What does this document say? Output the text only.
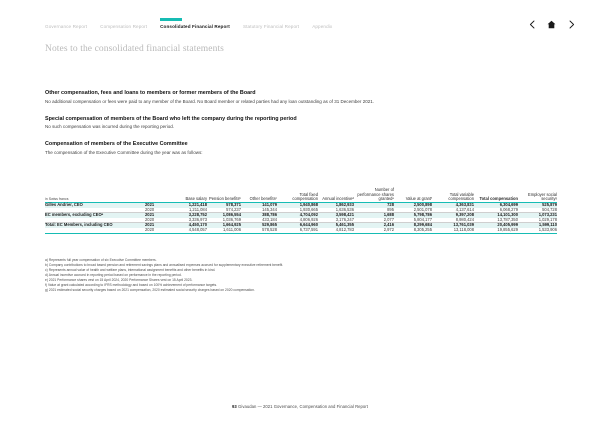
Governance Report	Compensation Report	Consolidated Financial Report	Statutory Financial Report	Appendix
Notes to the consolidated financial statements

Other compensation, fees and loans to members or former members of the Board

No additional compensation or fees were paid to any member of the Board. No Board member or related parties had any loan outstanding as of 31 December 2021.

Special compensation of members of the Board who left the company during the reporting period

No such compensation was incurred during the reporting period.

Compensation of members of the Executive Committee

The compensation of the Executive Committee during the year was as follows:

in Swiss francs		Base salary	Pension benefitsᵇ	Other benefitsᶜ	Total fixed compensation	Annual incentiveᵈ	Number of performance shares grantedᵉ	Value at grantᶠ	Total variable compensation	Total compensation	Employer social securityᵍ
Gilles Andrier, CEO	2021	1,221,418	578,371	141,079	1,940,868	1,862,933	728	2,500,898	4,363,831	6,304,699	525,879
	2020	1,211,084	574,237	145,344	1,930,665	1,636,536	895	2,501,078	4,137,614	6,068,279	504,728
EC members, excluding CEOᵃ	2021	3,228,752	1,086,554	388,786	4,704,092	3,598,421	1,688	5,798,786	9,397,208	14,101,300	1,073,231
	2020	3,336,973	1,036,769	433,184	4,806,926	3,176,247	2,077	5,804,177	8,980,424	13,787,350	1,029,178
Total: EC Members, including CEO	2021	4,450,170	1,664,925	529,865	6,644,960	5,461,355	2,416	8,299,684	13,761,039	20,405,999	1,599,110
	2020	4,548,057	1,611,006	578,528	6,737,591	4,812,783	2,972	8,305,255	13,118,008	19,855,629	1,533,906

a) Represents full year compensation of six Executive Committee members.

b) Company contributions to broad based pension and retirement savings plans and annualised expenses accrued for supplementary executive retirement benefit.

c) Represents annual value of health and welfare plans, international assignment benefits and other benefits in kind.

d) Annual incentive accrued in reporting period based on performance in the reporting period.

e) 2021 Performance shares vest on 15 April 2024, 2020 Performance Shares vest on 15 April 2023.

f) Value at grant calculated according to IFRS methodology and based on 100% achievement of performance targets.

g) 2021 estimated social security charges based on 2021 compensation, 2020 estimated social security charges based on 2020 compensation.

93 Givaudan — 2021 Governance, Compensation and Financial Report
